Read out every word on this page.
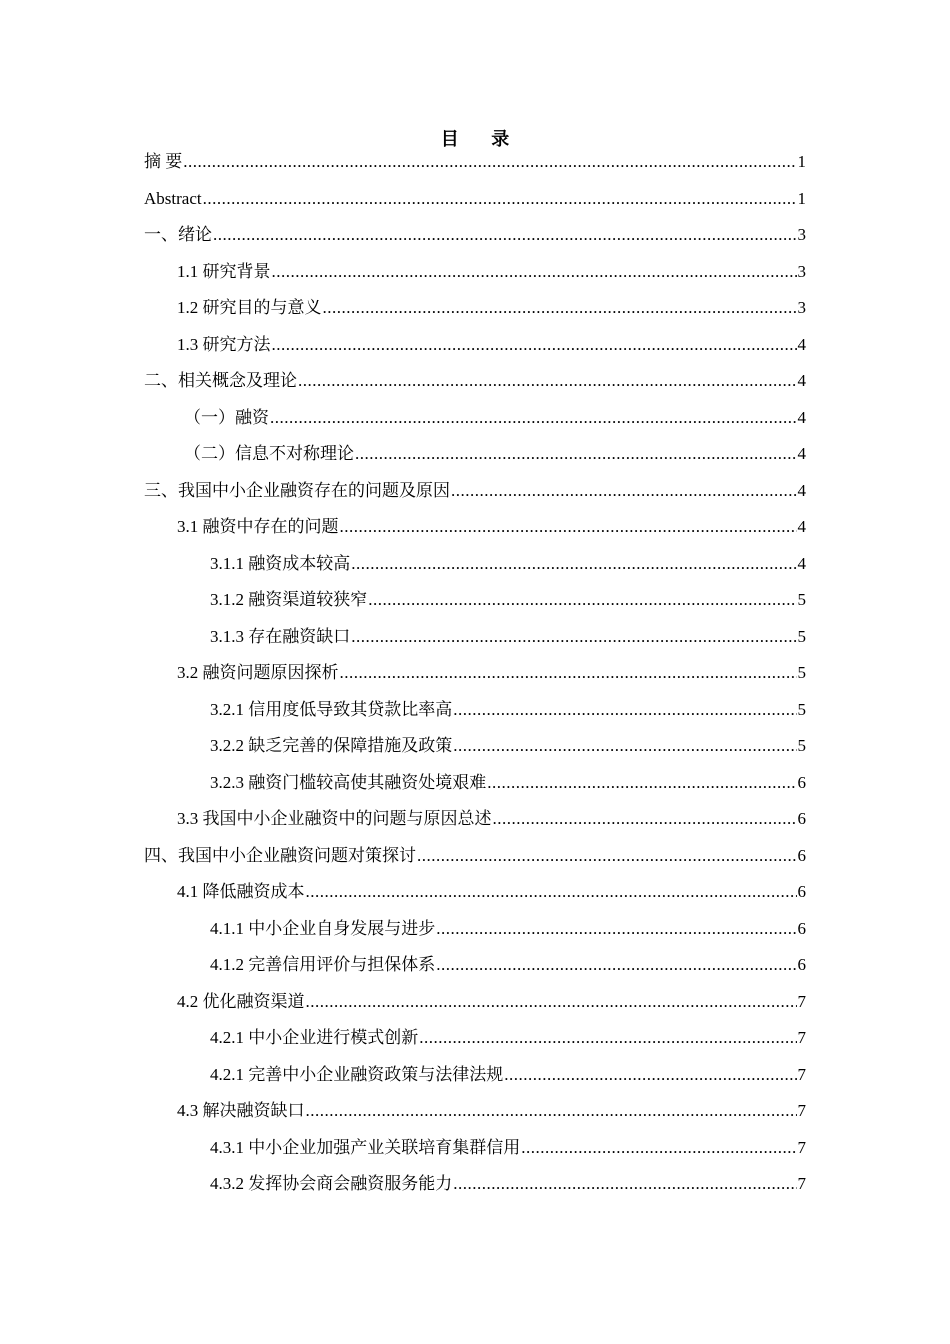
目 录
摘 要 .....	1
Abstract .....	1
一、绪论 .....	3
1.1 研究背景 .....	3
1.2 研究目的与意义 .....	3
1.3 研究方法 .....	4
二、相关概念及理论 .....	4
（一）融资 .....	4
（二）信息不对称理论 .....	4
三、我国中小企业融资存在的问题及原因 .....	4
3.1 融资中存在的问题 .....	4
3.1.1 融资成本较高 .....	4
3.1.2 融资渠道较狭窄 .....	5
3.1.3 存在融资缺口 .....	5
3.2 融资问题原因探析 .....	5
3.2.1 信用度低导致其贷款比率高 .....	5
3.2.2 缺乏完善的保障措施及政策 .....	5
3.2.3 融资门槛较高使其融资处境艰难 .....	6
3.3 我国中小企业融资中的问题与原因总述 .....	6
四、我国中小企业融资问题对策探讨 .....	6
4.1 降低融资成本 .....	6
4.1.1 中小企业自身发展与进步 .....	6
4.1.2 完善信用评价与担保体系 .....	6
4.2 优化融资渠道 .....	7
4.2.1 中小企业进行模式创新 .....	7
4.2.1 完善中小企业融资政策与法律法规 .....	7
4.3 解决融资缺口 .....	7
4.3.1 中小企业加强产业关联培育集群信用 .....	7
4.3.2 发挥协会商会融资服务能力 .....	7
